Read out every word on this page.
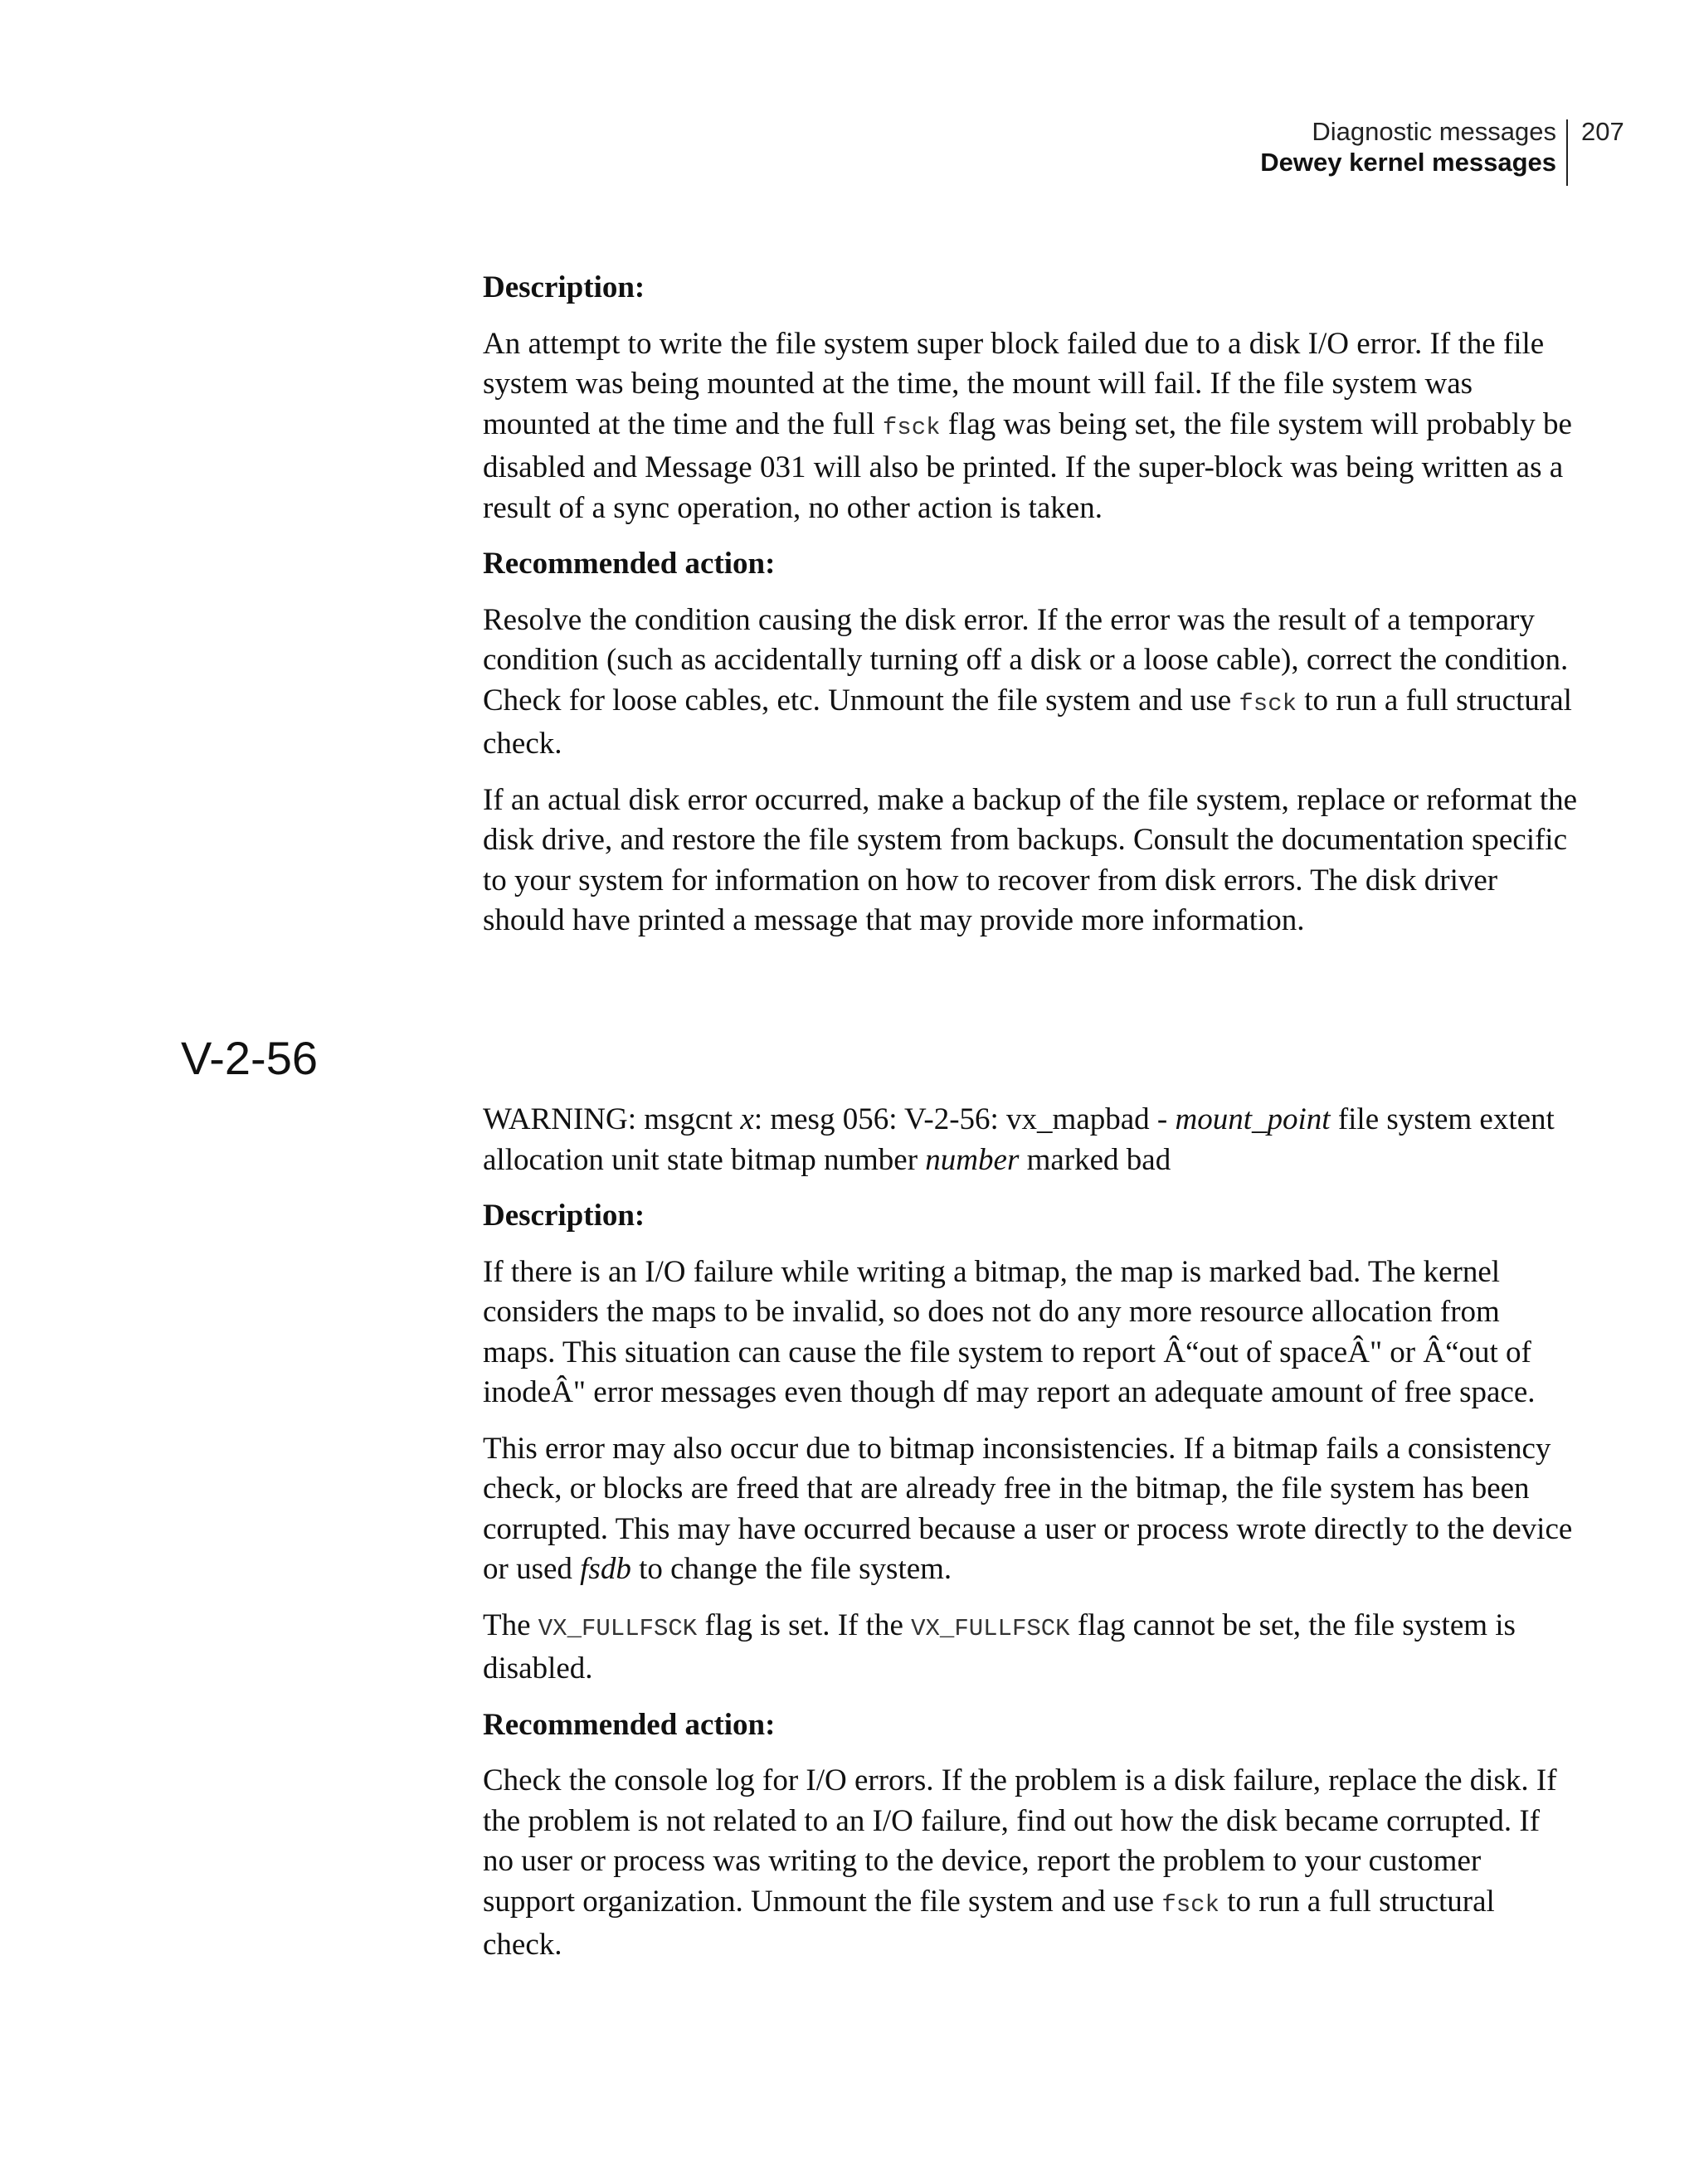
Diagnostic messages
Dewey kernel messages
207

Description:

An attempt to write the file system super block failed due to a disk I/O error. If the file system was being mounted at the time, the mount will fail. If the file system was mounted at the time and the full fsck flag was being set, the file system will probably be disabled and Message 031 will also be printed. If the super-block was being written as a result of a sync operation, no other action is taken.

Recommended action:

Resolve the condition causing the disk error. If the error was the result of a temporary condition (such as accidentally turning off a disk or a loose cable), correct the condition. Check for loose cables, etc. Unmount the file system and use fsck to run a full structural check.

If an actual disk error occurred, make a backup of the file system, replace or reformat the disk drive, and restore the file system from backups. Consult the documentation specific to your system for information on how to recover from disk errors. The disk driver should have printed a message that may provide more information.

V-2-56

WARNING: msgcnt x: mesg 056: V-2-56: vx_mapbad - mount_point file system extent allocation unit state bitmap number number marked bad

Description:

If there is an I/O failure while writing a bitmap, the map is marked bad. The kernel considers the maps to be invalid, so does not do any more resource allocation from maps. This situation can cause the file system to report Â“out of spaceÂ" or Â“out of inodeÂ" error messages even though df may report an adequate amount of free space.

This error may also occur due to bitmap inconsistencies. If a bitmap fails a consistency check, or blocks are freed that are already free in the bitmap, the file system has been corrupted. This may have occurred because a user or process wrote directly to the device or used fsdb to change the file system.

The VX_FULLFSCK flag is set. If the VX_FULLFSCK flag cannot be set, the file system is disabled.

Recommended action:

Check the console log for I/O errors. If the problem is a disk failure, replace the disk. If the problem is not related to an I/O failure, find out how the disk became corrupted. If no user or process was writing to the device, report the problem to your customer support organization. Unmount the file system and use fsck to run a full structural check.
